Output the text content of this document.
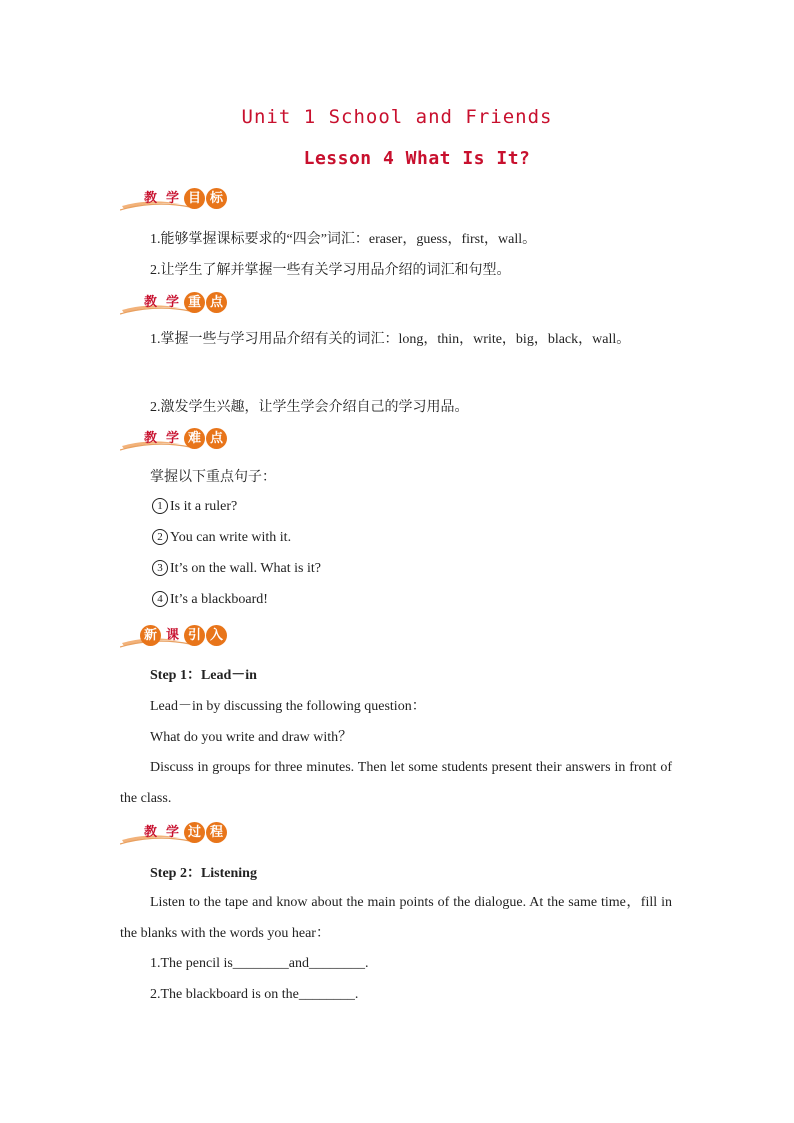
Unit 1 School and Friends
Lesson 4 What Is It?
教 学 目 标
1.能够掌握课标要求的“四会”词汇：eraser，guess，first，wall。
2.让学生了解并掌握一些有关学习用品介绍的词汇和句型。
教 学 重 点

1.掌握一些与学习用品介绍有关的词汇：long，thin，write，big，black，wall。

2.激发学生兴趣，让学生学会介绍自己的学习用品。
教 学 难 点
掌握以下重点句子：
1 Is it a ruler?
2 You can write with it.
3 It’s on the wall. What is it?
4 It’s a blackboard!
新 课 引 入
Step 1：Lead－in
Lead－in by discussing the following question：
What do you write and draw with？

Discuss in groups for three minutes. Then let some students present their answers in front of the class.

教 学 过 程
Step 2：Listening

Listen to the tape and know about the main points of the dialogue. At the same time，fill in the blanks with the words you hear：

1.The pencil is________and________.
2.The blackboard is on the________.
